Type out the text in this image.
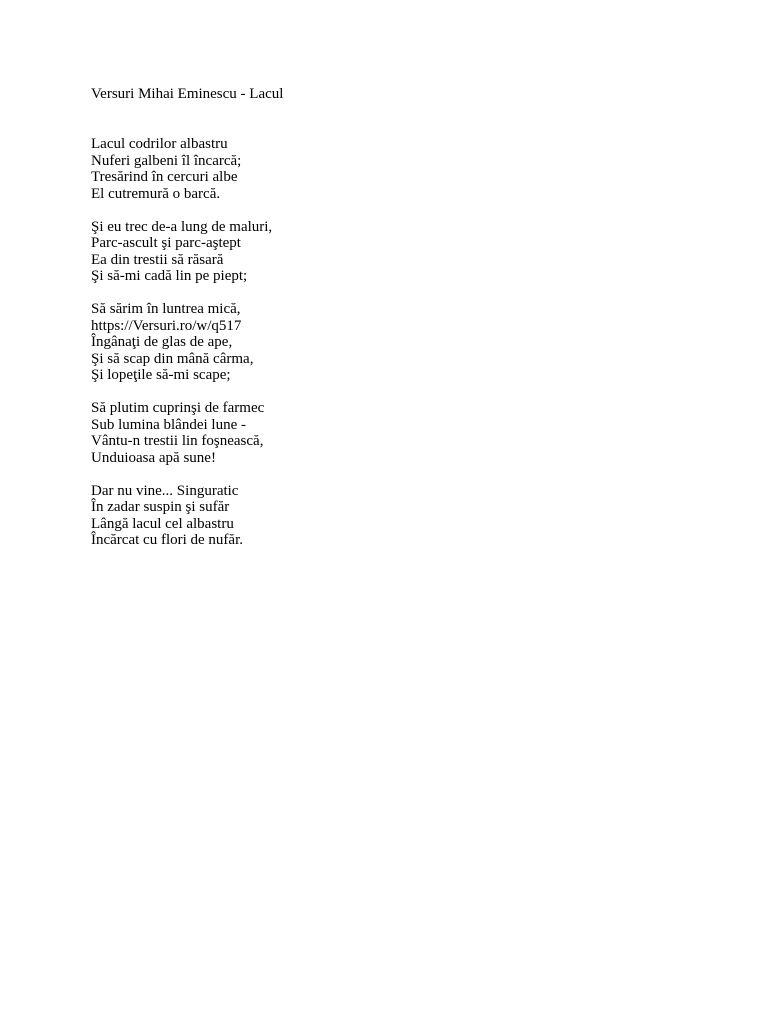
Versuri Mihai Eminescu - Lacul
Lacul codrilor albastru
Nuferi galbeni îl încarcă;
Tresărind în cercuri albe
El cutremură o barcă.
Şi eu trec de-a lung de maluri,
Parc-ascult şi parc-aştept
Ea din trestii să răsară
Şi să-mi cadă lin pe piept;
Să sărim în luntrea mică,
https://Versuri.ro/w/q517
Îngânaţi de glas de ape,
Şi să scap din mână cârma,
Şi lopeţile să-mi scape;
Să plutim cuprinşi de farmec
Sub lumina blândei lune -
Vântu-n trestii lin foşnească,
Unduioasa apă sune!
Dar nu vine... Singuratic
În zadar suspin şi sufăr
Lângă lacul cel albastru
Încărcat cu flori de nufăr.
